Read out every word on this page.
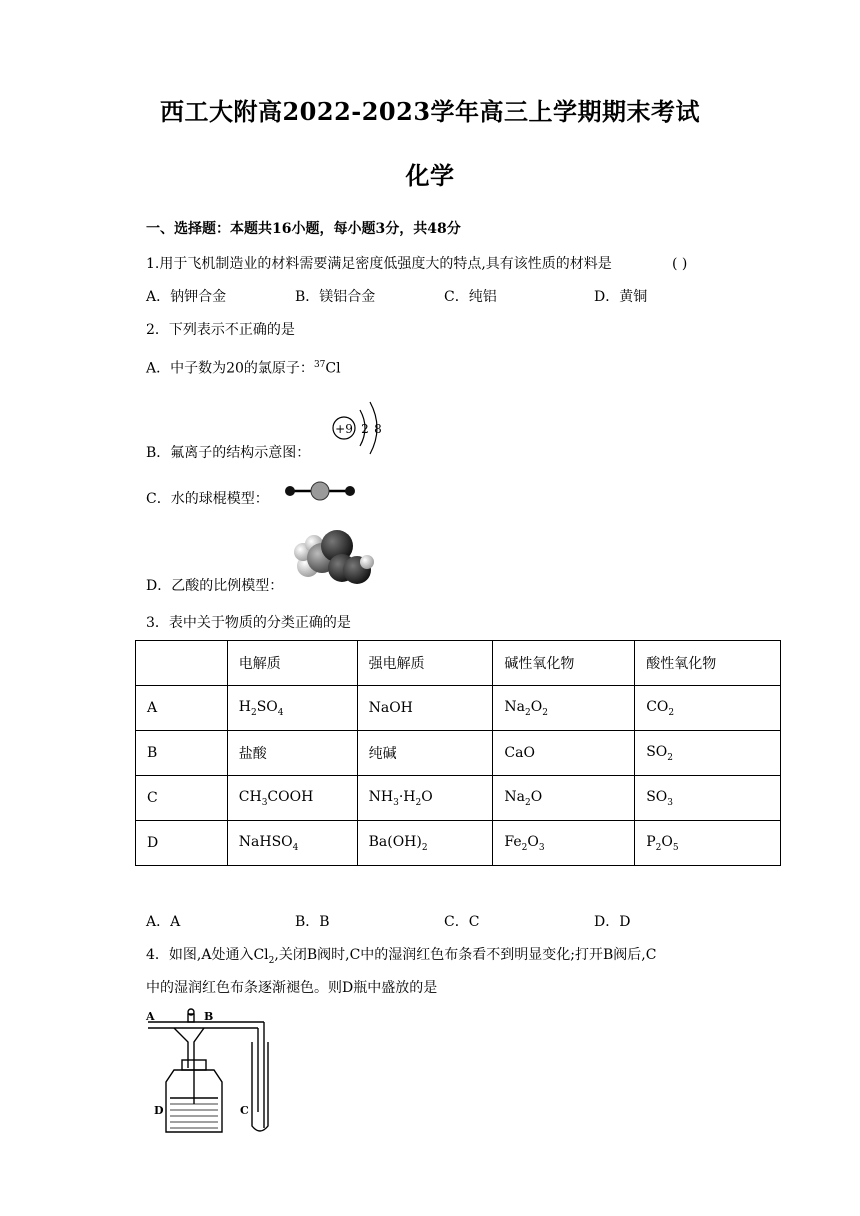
西工大附高2022-2023学年高三上学期期末考试
化学
一、选择题：本题共16小题，每小题3分，共48分
1.用于飞机制造业的材料需要满足密度低强度大的特点,具有该性质的材料是	( )
A．钠钾合金	B．镁铝合金	C．纯铝	D．黄铜
2．下列表示不正确的是
A．中子数为20的氯原子：$^{37}$Cl
B．氟离子的结构示意图：
+9 2 8
C．水的球棍模型：
D．乙酸的比例模型：
3．表中关于物质的分类正确的是
	电解质	强电解质	碱性氧化物	酸性氧化物
A	$H_2SO_4$	NaOH	$Na_2O_2$	$CO_2$
B	盐酸	纯碱	CaO	$SO_2$
C	$CH_3COOH$	$NH_3\cdot H_2O$	$Na_2O$	$SO_3$
D	NaHSO$_4$	$Ba(OH)_2$	$Fe_2O_3$	$P_2O_5$
A．A	B．B	C．C	D．D
4．如图,A处通入$Cl_2$,关闭B阀时,C中的湿润红色布条看不到明显变化;打开B阀后,C
中的湿润红色布条逐渐褪色。则D瓶中盛放的是
A	B
D	C
